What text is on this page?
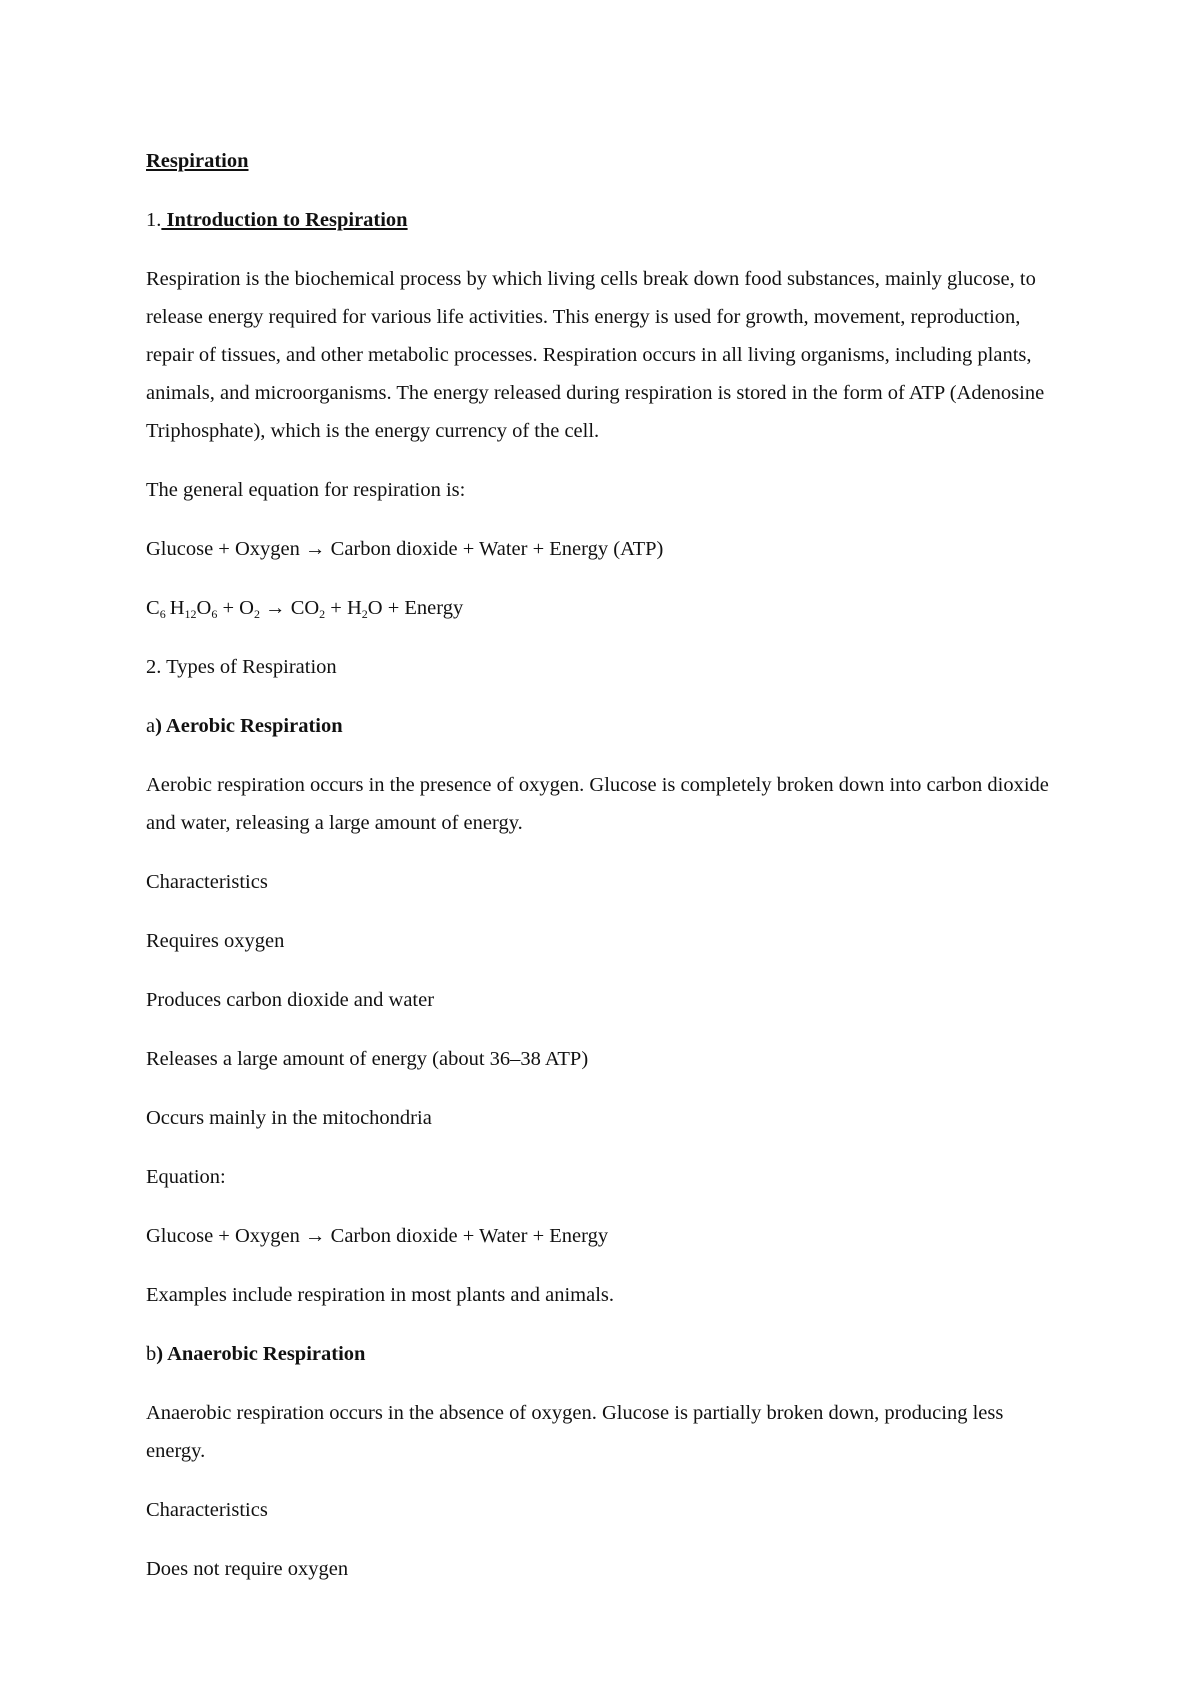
Respiration

1. Introduction to Respiration

Respiration is the biochemical process by which living cells break down food substances, mainly glucose, to release energy required for various life activities. This energy is used for growth, movement, reproduction, repair of tissues, and other metabolic processes. Respiration occurs in all living organisms, including plants, animals, and microorganisms. The energy released during respiration is stored in the form of ATP (Adenosine Triphosphate), which is the energy currency of the cell.

The general equation for respiration is:

Glucose + Oxygen → Carbon dioxide + Water + Energy (ATP)

$C_6$ $H_{12}O_6 + O_2 \to CO_2 + H_2O$ + Energy

2. Types of Respiration

a) Aerobic Respiration

Aerobic respiration occurs in the presence of oxygen. Glucose is completely broken down into carbon dioxide and water, releasing a large amount of energy.

Characteristics

Requires oxygen

Produces carbon dioxide and water

Releases a large amount of energy (about 36–38 ATP)

Occurs mainly in the mitochondria

Equation:

Glucose + Oxygen → Carbon dioxide + Water + Energy

Examples include respiration in most plants and animals.

b) Anaerobic Respiration

Anaerobic respiration occurs in the absence of oxygen. Glucose is partially broken down, producing less energy.

Characteristics

Does not require oxygen
